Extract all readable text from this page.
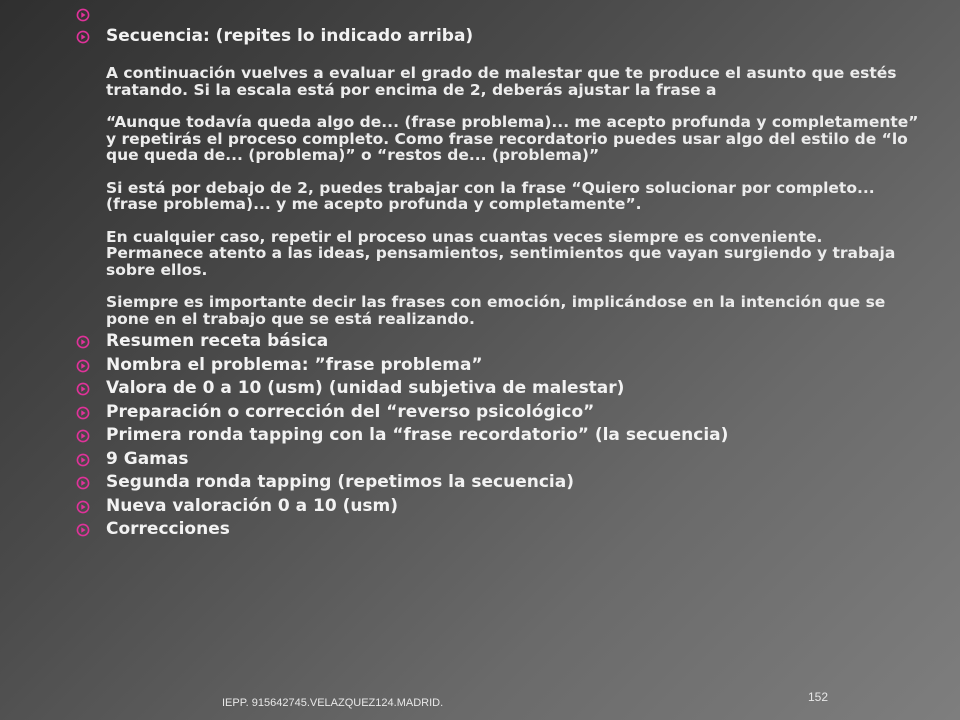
Secuencia: (repites lo indicado arriba)

A continuación vuelves a evaluar el grado de malestar que te produce el asunto que estés tratando. Si la escala está por encima de 2, deberás ajustar la frase a

“Aunque todavía queda algo de... (frase problema)... me acepto profunda y completamente” y repetirás el proceso completo. Como frase recordatorio puedes usar algo del estilo de “lo que queda de... (problema)” o “restos de... (problema)”

Si está por debajo de 2, puedes trabajar con la frase “Quiero solucionar por completo... (frase problema)... y me acepto profunda y completamente”.

En cualquier caso, repetir el proceso unas cuantas veces siempre es conveniente. Permanece atento a las ideas, pensamientos, sentimientos que vayan surgiendo y trabaja sobre ellos.

Siempre es importante decir las frases con emoción, implicándose en la intención que se pone en el trabajo que se está realizando.

Resumen receta básica

Nombra el problema: ”frase problema”

Valora de 0 a 10 (usm) (unidad subjetiva de malestar)

Preparación o corrección del “reverso psicológico”

Primera ronda tapping con la “frase recordatorio” (la secuencia)

9 Gamas

Segunda ronda tapping (repetimos la secuencia)

Nueva valoración 0 a 10 (usm)

Correcciones

IEPP. 915642745.VELAZQUEZ124.MADRID.	152
